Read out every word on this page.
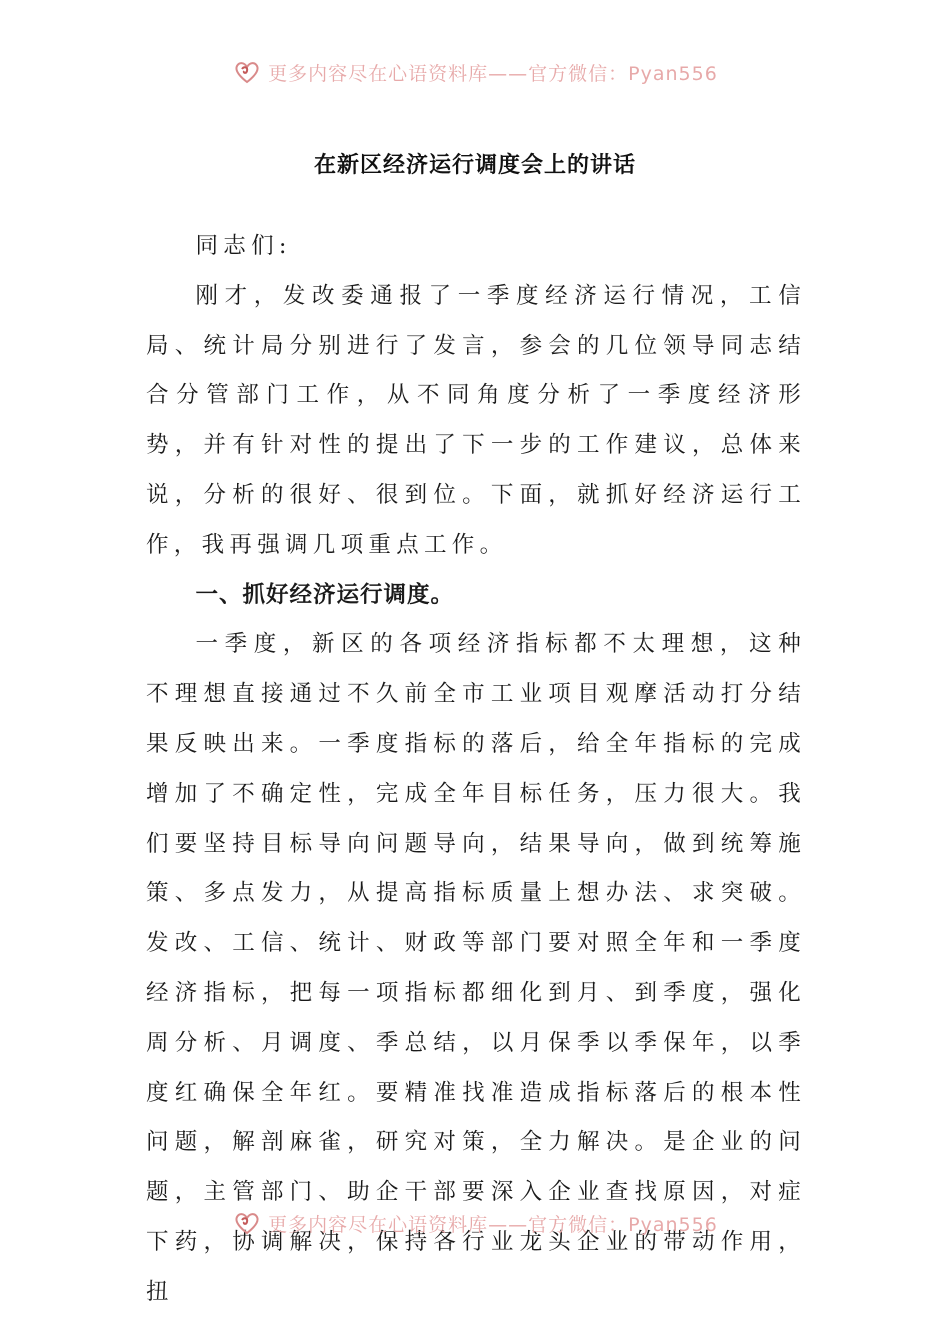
更多内容尽在心语资料库——官方微信：Pyan556
在新区经济运行调度会上的讲话

同志们:

刚才，发改委通报了一季度经济运行情况，工信局、统计局分别进行了发言，参会的几位领导同志结合分管部门工作，从不同角度分析了一季度经济形势，并有针对性的提出了下一步的工作建议，总体来说，分析的很好、很到位。下面，就抓好经济运行工作，我再强调几项重点工作。

一、抓好经济运行调度。

一季度，新区的各项经济指标都不太理想，这种不理想直接通过不久前全市工业项目观摩活动打分结果反映出来。一季度指标的落后，给全年指标的完成增加了不确定性，完成全年目标任务，压力很大。我们要坚持目标导向问题导向，结果导向，做到统筹施策、多点发力，从提高指标质量上想办法、求突破。发改、工信、统计、财政等部门要对照全年和一季度经济指标，把每一项指标都细化到月、到季度，强化周分析、月调度、季总结，以月保季以季保年，以季度红确保全年红。要精准找准造成指标落后的根本性问题，解剖麻雀，研究对策，全力解决。是企业的问题，主管部门、助企干部要深入企业查找原因，对症下药，协调解决，保持各行业龙头企业的带动作用，扭

更多内容尽在心语资料库——官方微信：Pyan556
